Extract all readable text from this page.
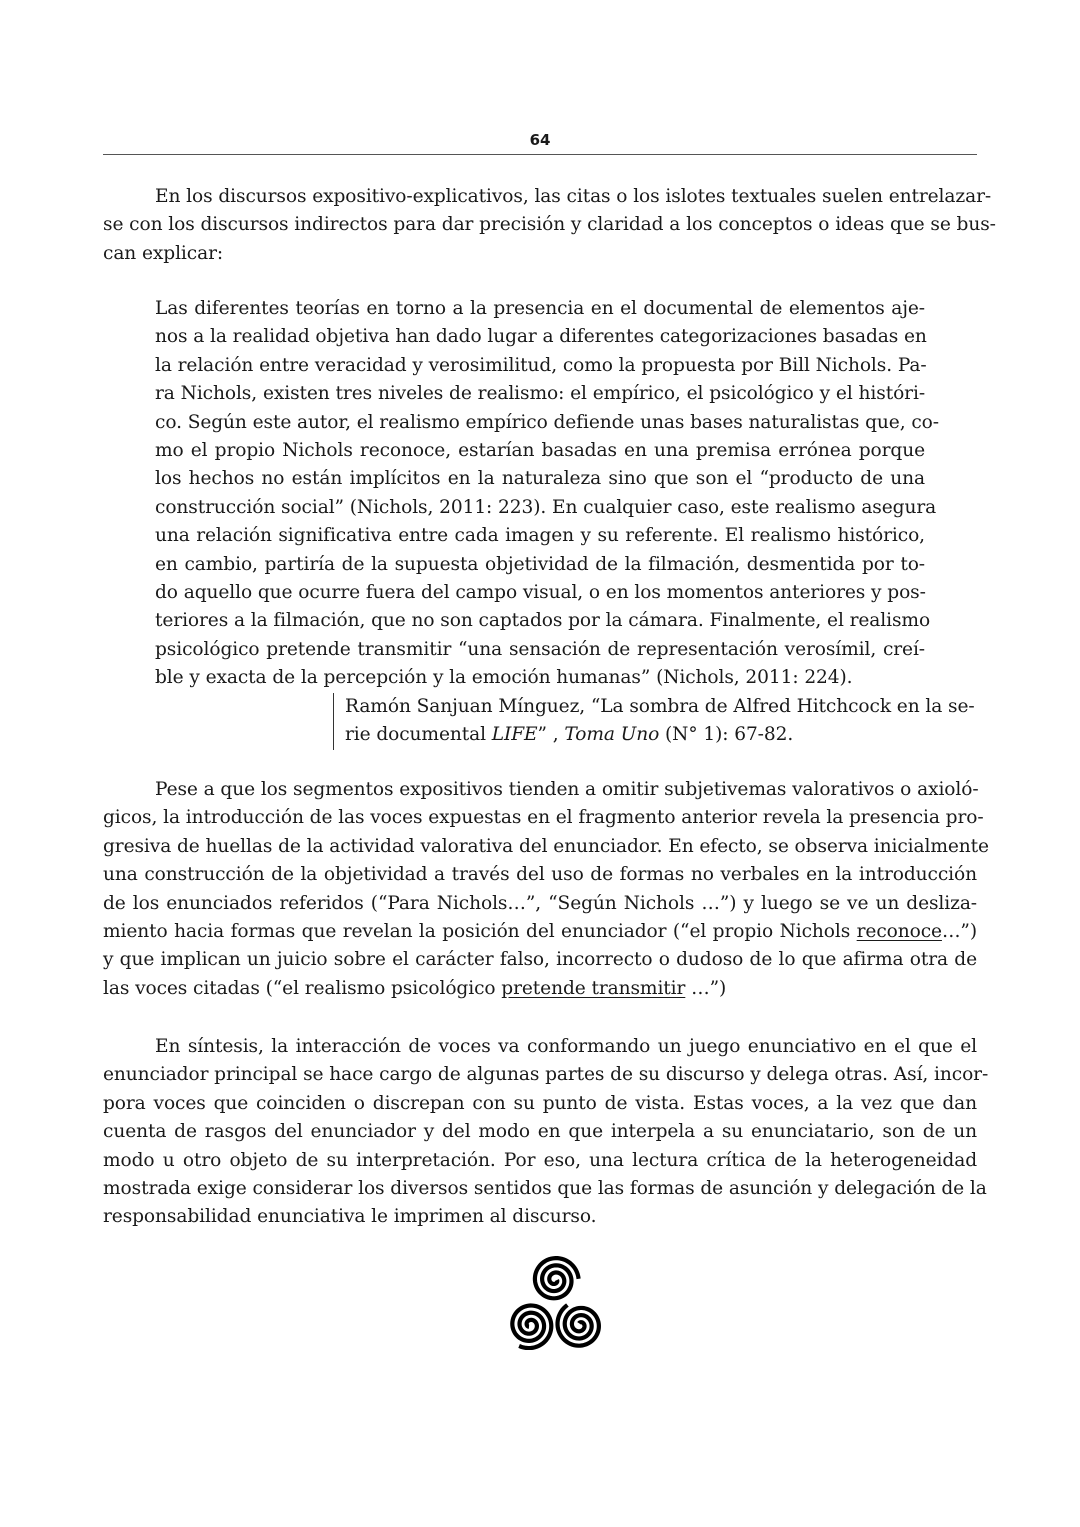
64
En los discursos expositivo-explicativos, las citas o los islotes textuales suelen entrelazar-
se con los discursos indirectos para dar precisión y claridad a los conceptos o ideas que se bus-
can explicar:
Las diferentes teorías en torno a la presencia en el documental de elementos aje-
nos a la realidad objetiva han dado lugar a diferentes categorizaciones basadas en
la relación entre veracidad y verosimilitud, como la propuesta por Bill Nichols. Pa-
ra Nichols, existen tres niveles de realismo: el empírico, el psicológico y el históri-
co. Según este autor, el realismo empírico defiende unas bases naturalistas que, co-
mo el propio Nichols reconoce, estarían basadas en una premisa errónea porque
los hechos no están implícitos en la naturaleza sino que son el “producto de una
construcción social” (Nichols, 2011: 223). En cualquier caso, este realismo asegura
una relación significativa entre cada imagen y su referente. El realismo histórico,
en cambio, partiría de la supuesta objetividad de la filmación, desmentida por to-
do aquello que ocurre fuera del campo visual, o en los momentos anteriores y pos-
teriores a la filmación, que no son captados por la cámara. Finalmente, el realismo
psicológico pretende transmitir “una sensación de representación verosímil, creí-
ble y exacta de la percepción y la emoción humanas” (Nichols, 2011: 224).
Ramón Sanjuan Mínguez, “La sombra de Alfred Hitchcock en la se-
rie documental LIFE” , Toma Uno (N° 1): 67-82.
Pese a que los segmentos expositivos tienden a omitir subjetivemas valorativos o axioló-
gicos, la introducción de las voces expuestas en el fragmento anterior revela la presencia pro-
gresiva de huellas de la actividad valorativa del enunciador. En efecto, se observa inicialmente
una construcción de la objetividad a través del uso de formas no verbales en la introducción
de los enunciados referidos (“Para Nichols…”, “Según Nichols …”) y luego se ve un desliza-
miento hacia formas que revelan la posición del enunciador (“el propio Nichols reconoce…”)
y que implican un juicio sobre el carácter falso, incorrecto o dudoso de lo que afirma otra de
las voces citadas (“el realismo psicológico pretende transmitir …”)
En síntesis, la interacción de voces va conformando un juego enunciativo en el que el
enunciador principal se hace cargo de algunas partes de su discurso y delega otras. Así, incor-
pora voces que coinciden o discrepan con su punto de vista. Estas voces, a la vez que dan
cuenta de rasgos del enunciador y del modo en que interpela a su enunciatario, son de un
modo u otro objeto de su interpretación. Por eso, una lectura crítica de la heterogeneidad
mostrada exige considerar los diversos sentidos que las formas de asunción y delegación de la
responsabilidad enunciativa le imprimen al discurso.
